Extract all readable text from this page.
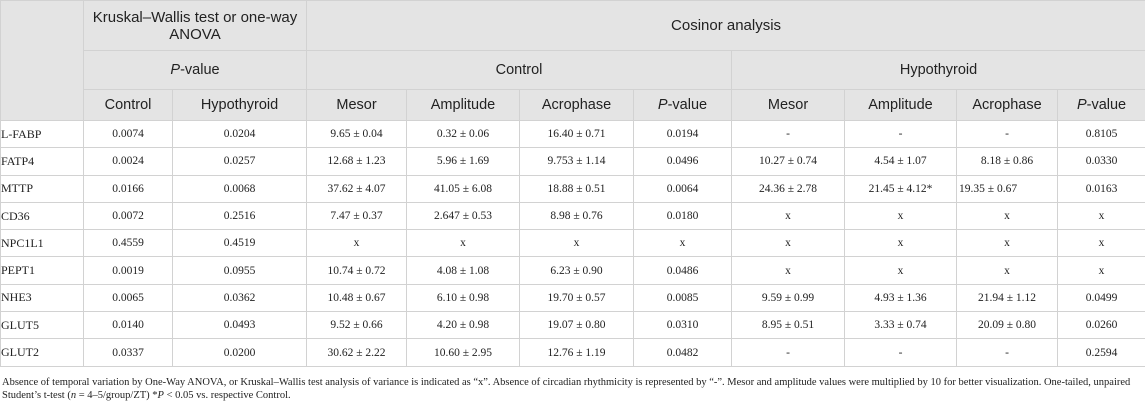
	Kruskal–Wallis test or one-way ANOVA		Cosinor analysis							
	P-value		Control				Hypothyroid			
	Control	Hypothyroid	Mesor	Amplitude	Acrophase	P-value	Mesor	Amplitude	Acrophase	P-value
L-FABP	0.0074	0.0204	9.65 ± 0.04	0.32 ± 0.06	16.40 ± 0.71	0.0194	-	-	-	0.8105
FATP4	0.0024	0.0257	12.68 ± 1.23	5.96 ± 1.69	9.753 ± 1.14	0.0496	10.27 ± 0.74	4.54 ± 1.07	8.18 ± 0.86	0.0330
MTTP	0.0166	0.0068	37.62 ± 4.07	41.05 ± 6.08	18.88 ± 0.51	0.0064	24.36 ± 2.78	21.45 ± 4.12*	19.35 ± 0.67	0.0163
CD36	0.0072	0.2516	7.47 ± 0.37	2.647 ± 0.53	8.98 ± 0.76	0.0180	x	x	x	x
NPC1L1	0.4559	0.4519	x	x	x	x	x	x	x	x
PEPT1	0.0019	0.0955	10.74 ± 0.72	4.08 ± 1.08	6.23 ± 0.90	0.0486	x	x	x	x
NHE3	0.0065	0.0362	10.48 ± 0.67	6.10 ± 0.98	19.70 ± 0.57	0.0085	9.59 ± 0.99	4.93 ± 1.36	21.94 ± 1.12	0.0499
GLUT5	0.0140	0.0493	9.52 ± 0.66	4.20 ± 0.98	19.07 ± 0.80	0.0310	8.95 ± 0.51	3.33 ± 0.74	20.09 ± 0.80	0.0260
GLUT2	0.0337	0.0200	30.62 ± 2.22	10.60 ± 2.95	12.76 ± 1.19	0.0482	-	-	-	0.2594
Absence of temporal variation by One-Way ANOVA, or Kruskal–Wallis test analysis of variance is indicated as “x”. Absence of circadian rhythmicity is represented by “-”. Mesor and amplitude values were multiplied by 10 for better visualization. One-tailed, unpaired Student’s t-test (n = 4–5/group/ZT) *P < 0.05 vs. respective Control.
